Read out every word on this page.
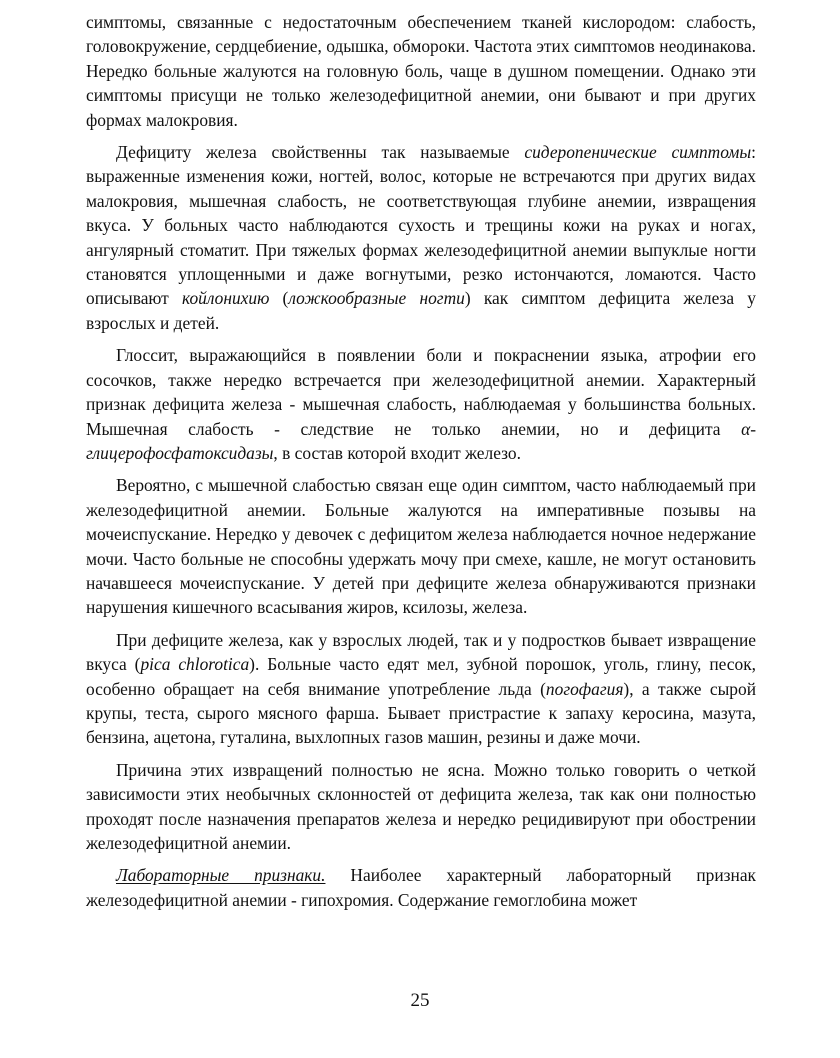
симптомы, связанные с недостаточным обеспечением тканей кислородом: слабость, головокружение, сердцебиение, одышка, обмороки. Частота этих симптомов неодинакова. Нередко больные жалуются на головную боль, чаще в душном помещении. Однако эти симптомы присущи не только железодефицитной анемии, они бывают и при других формах малокровия.

Дефициту железа свойственны так называемые сидеропенические симптомы: выраженные изменения кожи, ногтей, волос, которые не встречаются при других видах малокровия, мышечная слабость, не соответствующая глубине анемии, извращения вкуса. У больных часто наблюдаются сухость и трещины кожи на руках и ногах, ангулярный стоматит. При тяжелых формах железодефицитной анемии выпуклые ногти становятся уплощенными и даже вогнутыми, резко истончаются, ломаются. Часто описывают койлонихию (ложкообразные ногти) как симптом дефицита железа у взрослых и детей.

Глоссит, выражающийся в появлении боли и покраснении языка, атрофии его сосочков, также нередко встречается при железодефицитной анемии. Характерный признак дефицита железа - мышечная слабость, наблюдаемая у большинства больных. Мышечная слабость - следствие не только анемии, но и дефицита α-глицерофосфатоксидазы, в состав которой входит железо.

Вероятно, с мышечной слабостью связан еще один симптом, часто наблюдаемый при железодефицитной анемии. Больные жалуются на императивные позывы на мочеиспускание. Нередко у девочек с дефицитом железа наблюдается ночное недержание мочи. Часто больные не способны удержать мочу при смехе, кашле, не могут остановить начавшееся мочеиспускание. У детей при дефиците железа обнаруживаются признаки нарушения кишечного всасывания жиров, ксилозы, железа.

При дефиците железа, как у взрослых людей, так и у подростков бывает извращение вкуса (pica chlorotica). Больные часто едят мел, зубной порошок, уголь, глину, песок, особенно обращает на себя внимание употребление льда (погофагия), а также сырой крупы, теста, сырого мясного фарша. Бывает пристрастие к запаху керосина, мазута, бензина, ацетона, гуталина, выхлопных газов машин, резины и даже мочи.

Причина этих извращений полностью не ясна. Можно только говорить о четкой зависимости этих необычных склонностей от дефицита железа, так как они полностью проходят после назначения препаратов железа и нередко рецидивируют при обострении железодефицитной анемии.

Лабораторные признаки. Наиболее характерный лабораторный признак железодефицитной анемии - гипохромия. Содержание гемоглобина может

25
